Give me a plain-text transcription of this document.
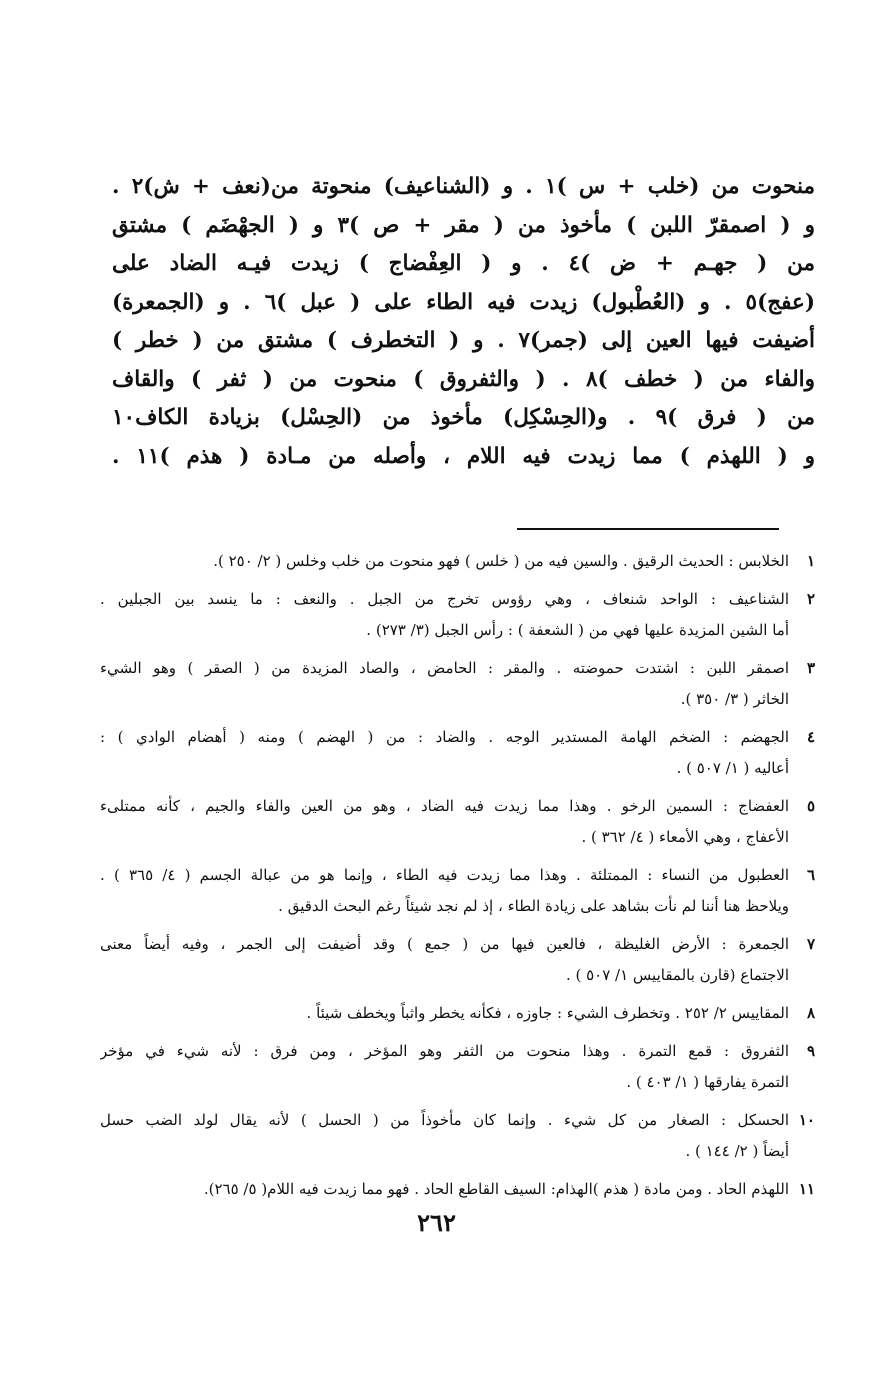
منحوت من (خلب + س )١ . و (الشناعيف) منحوتة من(نعف + ش)٢ .
و ( اصمقرّ اللبن ) مأخوذ من ( مقر + ص )٣ و ( الجهْضَم ) مشتق
من ( جهـم + ض )٤ . و ( العِفْضاج ) زيدت فيـه الضاد على
(عفج)٥ . و (العُطْبول) زيدت فيه الطاء على ( عبل )٦ . و (الجمعرة)
أضيفت فيها العين إلى (جمر)٧ . و ( التخطرف ) مشتق من ( خطر )
والفاء من ( خطف )٨ . ( والثفروق ) منحوت من ( ثفر ) والقاف
من ( فرق )٩ . و(الحِسْكِل) مأخوذ من (الحِسْل) بزيادة الكاف١٠
و ( اللهذم ) مما زيدت فيه اللام ، وأصله من مـادة ( هذم )١١ .
١
الخلابس : الحديث الرقيق . والسين فيه من ( خلس ) فهو منحوت من خلب وخلس ( ٢/ ٢٥٠ ).
٢
الشناعيف : الواحد شنعاف ، وهي رؤوس تخرج من الجبل . والنعف : ما ينسد بين الجبلين .
أما الشين المزيدة عليها فهي من ( الشعفة ) : رأس الجبل (٣/ ٢٧٣) .
٣
اصمقر اللبن : اشتدت حموضته . والمقر : الحامض ، والصاد المزيدة من ( الصقر ) وهو الشيء
الخاثر ( ٣/ ٣٥٠ ).
٤
الجهضم : الضخم الهامة المستدير الوجه . والضاد : من ( الهضم ) ومنه ( أهضام الوادي ) :
أعاليه ( ١/ ٥٠٧ ) .
٥
العفضاج : السمين الرخو . وهذا مما زيدت فيه الضاد ، وهو من العين والفاء والجيم ، كأنه ممتلىء
الأعفاج ، وهي الأمعاء ( ٤/ ٣٦٢ ) .
٦
العطبول من النساء : الممتلئة . وهذا مما زيدت فيه الطاء ، وإنما هو من عبالة الجسم ( ٤/ ٣٦٥ ) .
ويلاحظ هنا أننا لم نأت بشاهد على زيادة الطاء ، إذ لم نجد شيئاً رغم البحث الدقيق .
٧
الجمعرة : الأرض الغليظة ، فالعين فيها من ( جمع ) وقد أضيفت إلى الجمر ، وفيه أيضاً معنى
الاجتماع (قارن بالمقاييس ١/ ٥٠٧ ) .
٨
المقاييس ٢/ ٢٥٢ . وتخطرف الشيء : جاوزه ، فكأنه يخطر واثباً ويخطف شيئاً .
٩
الثفروق : قمع التمرة . وهذا منحوت من الثفر وهو المؤخر ، ومن فرق : لأنه شيء في مؤخر
التمرة يفارقها ( ١/ ٤٠٣ ) .
١٠
الحسكل : الصغار من كل شيء . وإنما كان مأخوذاً من ( الحسل ) لأنه يقال لولد الضب حسل
أيضاً ( ٢/ ١٤٤ ) .
١١
اللهذم الحاد . ومن مادة ( هذم )الهذام: السيف القاطع الحاد . فهو مما زيدت فيه اللام( ٥/ ٢٦٥).
٢٦٢
